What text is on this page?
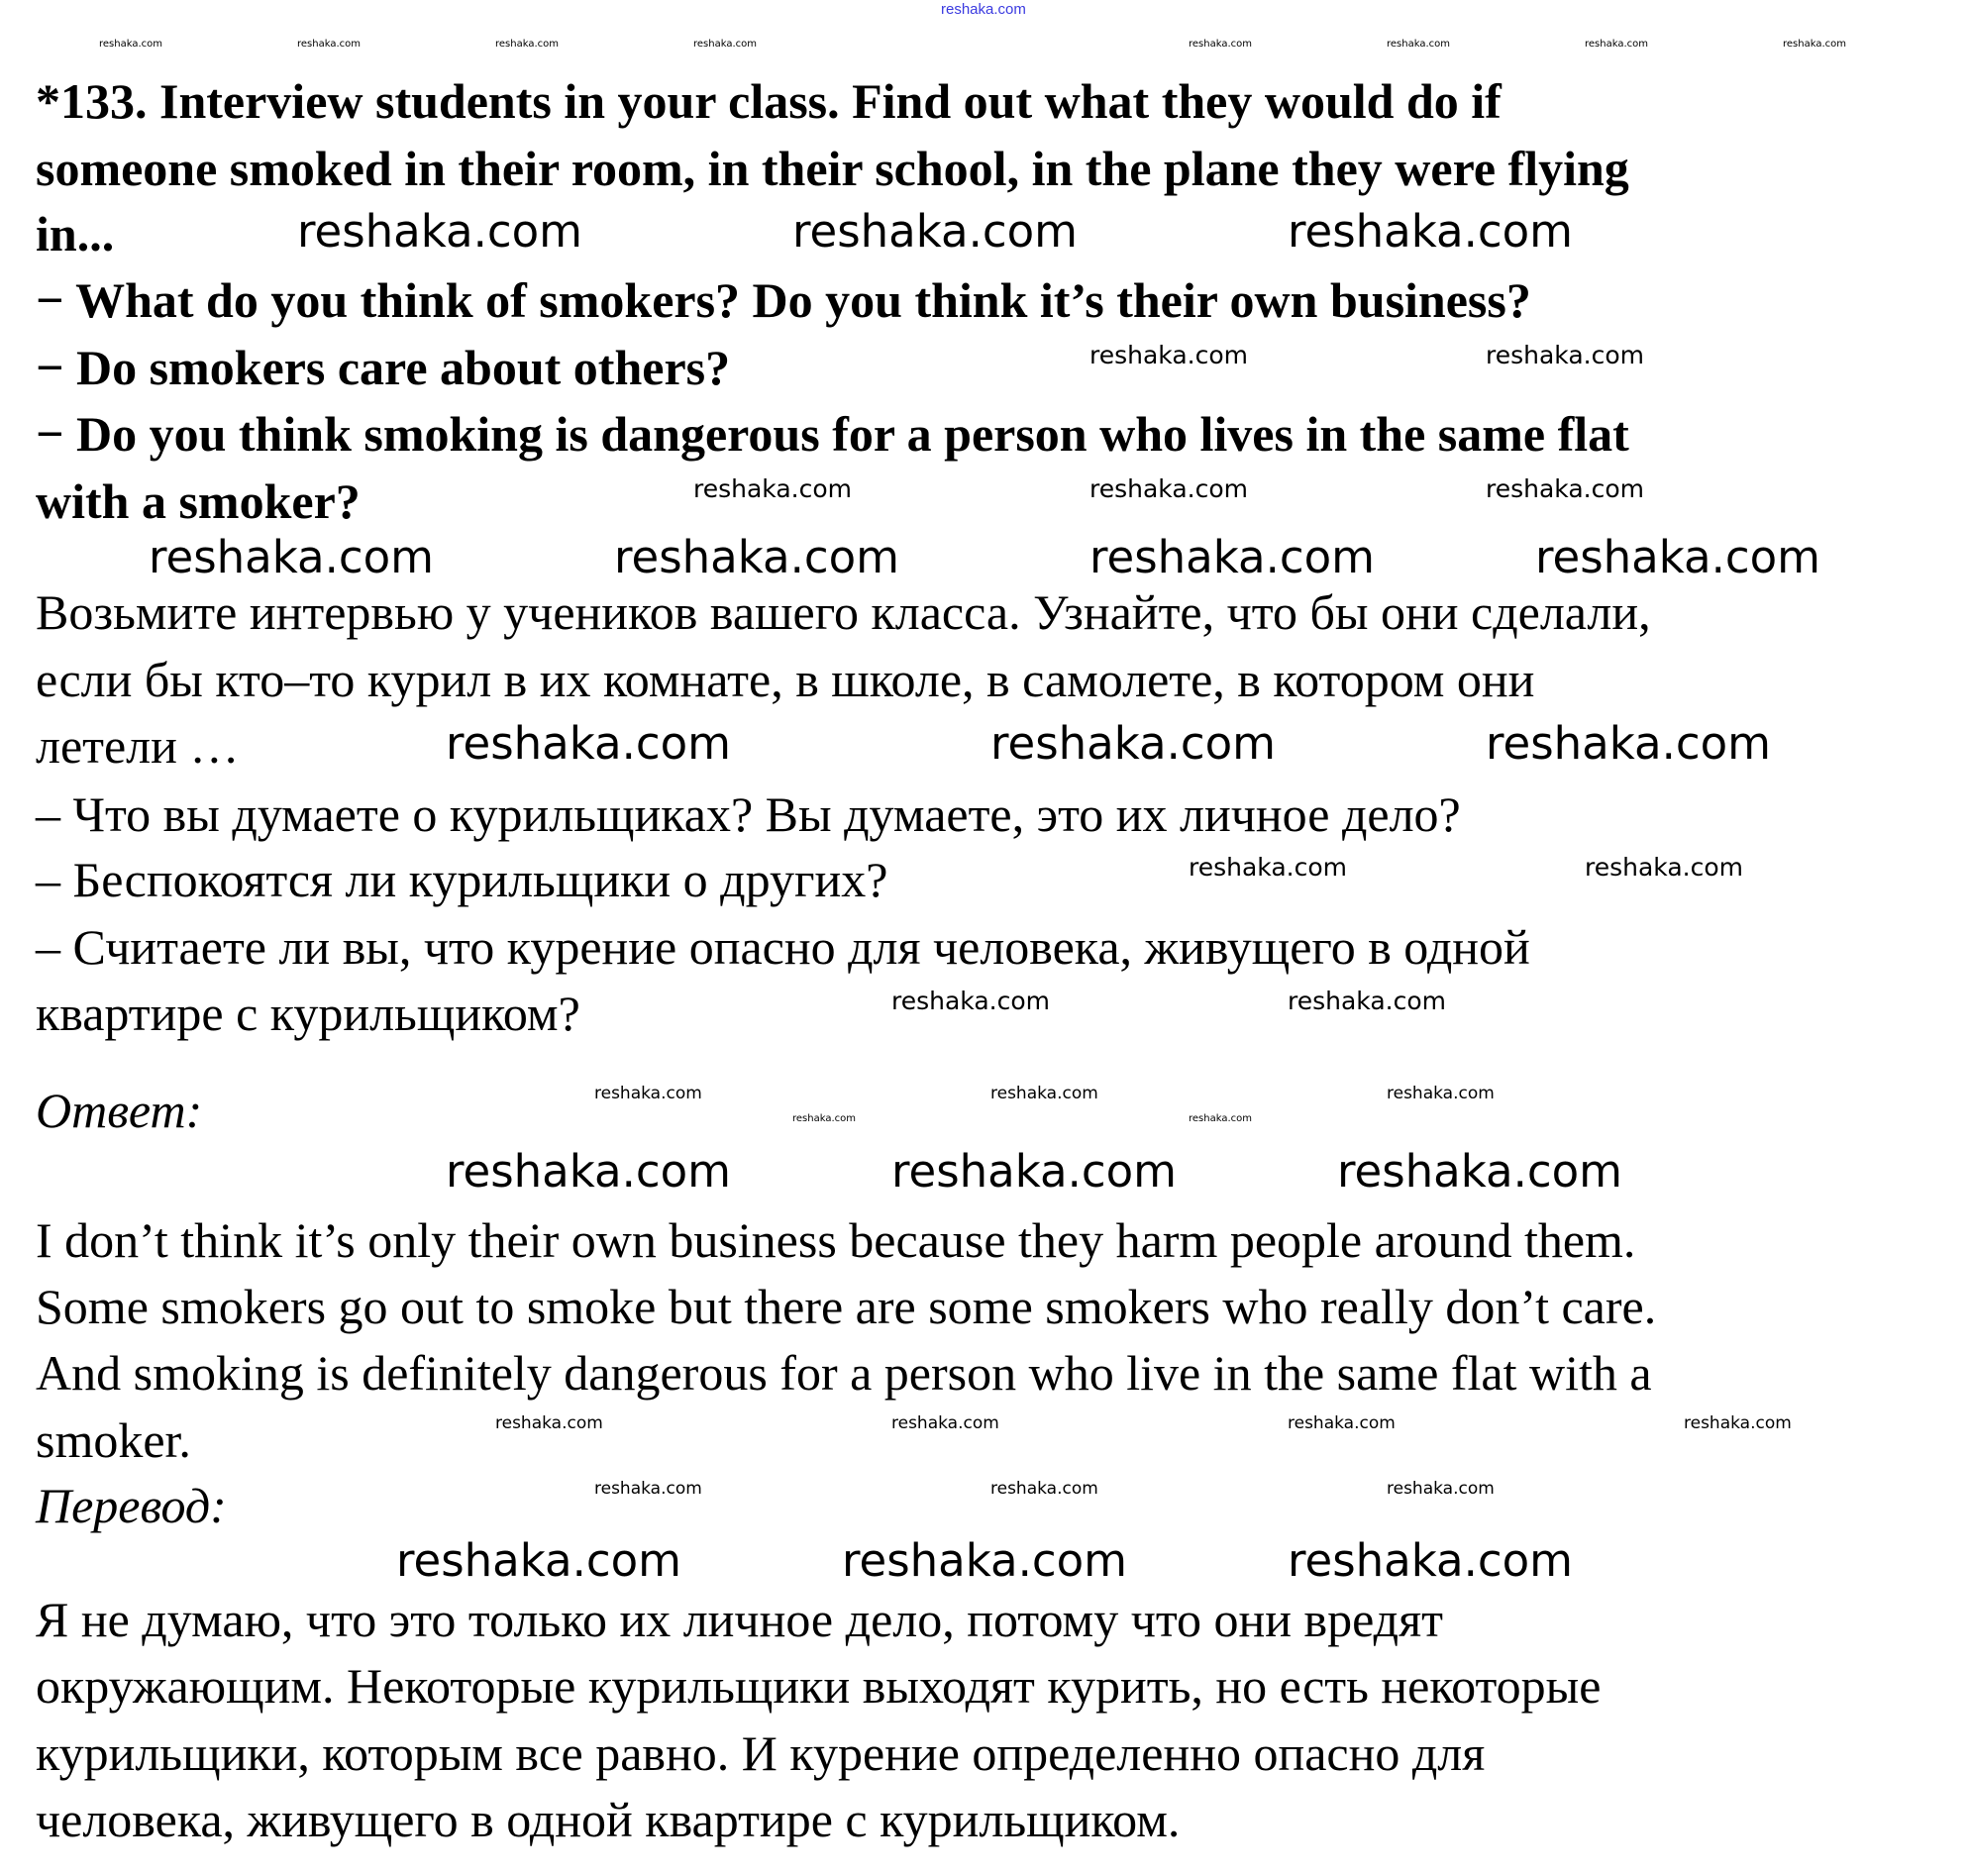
reshaka.com
*133. Interview students in your class. Find out what they would do if
someone smoked in their room, in their school, in the plane they were flying
in...
− What do you think of smokers? Do you think it’s their own business?
− Do smokers care about others?
− Do you think smoking is dangerous for a person who lives in the same flat
with a smoker?
Возьмите интервью у учеников вашего класса. Узнайте, что бы они сделали,
если бы кто–то курил в их комнате, в школе, в самолете, в котором они
летели …
– Что вы думаете о курильщиках? Вы думаете, это их личное дело?
– Беспокоятся ли курильщики о других?
– Считаете ли вы, что курение опасно для человека, живущего в одной
квартире с курильщиком?
Ответ:
I don’t think it’s only their own business because they harm people around them.
Some smokers go out to smoke but there are some smokers who really don’t care.
And smoking is definitely dangerous for a person who live in the same flat with a
smoker.
Перевод:
Я не думаю, что это только их личное дело, потому что они вредят
окружающим. Некоторые курильщики выходят курить, но есть некоторые
курильщики, которым все равно. И курение определенно опасно для
человека, живущего в одной квартире с курильщиком.
reshaka.com	reshaka.com	reshaka.com
reshaka.com	reshaka.com	reshaka.com	reshaka.com
reshaka.com	reshaka.com	reshaka.com
reshaka.com	reshaka.com	reshaka.com
reshaka.com	reshaka.com	reshaka.com
reshaka.com	reshaka.com	reshaka.com
reshaka.com	reshaka.com
reshaka.com	reshaka.com
reshaka.com	reshaka.com
reshaka.com	reshaka.com	reshaka.com	reshaka.com
reshaka.com	reshaka.com	reshaka.com
reshaka.com	reshaka.com	reshaka.com
reshaka.com	reshaka.com	reshaka.com	reshaka.com	reshaka.com	reshaka.com	reshaka.com	reshaka.com
reshaka.com	reshaka.com
